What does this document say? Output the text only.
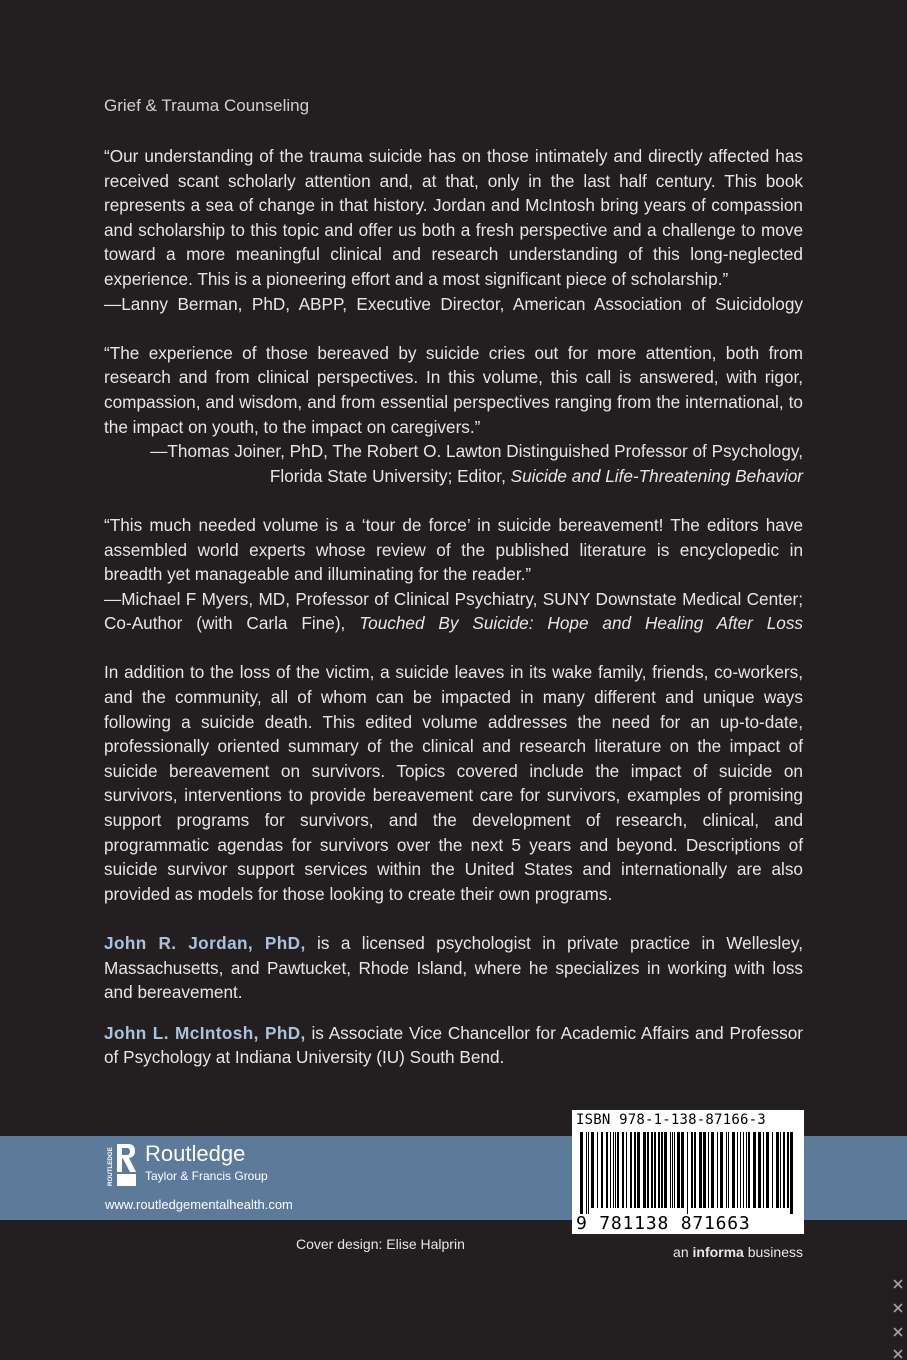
Grief & Trauma Counseling

“Our understanding of the trauma suicide has on those intimately and directly affected has received scant scholarly attention and, at that, only in the last half century. This book represents a sea of change in that history. Jordan and McIntosh bring years of compassion and scholarship to this topic and offer us both a fresh perspective and a challenge to move toward a more meaningful clinical and research understanding of this long-neglected experience. This is a pioneering effort and a most significant piece of scholarship.”

—Lanny Berman, PhD, ABPP, Executive Director, American Association of Suicidology

“The experience of those bereaved by suicide cries out for more attention, both from research and from clinical perspectives. In this volume, this call is answered, with rigor, compassion, and wisdom, and from essential perspectives ranging from the international, to the impact on youth, to the impact on caregivers.”

—Thomas Joiner, PhD, The Robert O. Lawton Distinguished Professor of Psychology,

Florida State University; Editor, Suicide and Life-Threatening Behavior

“This much needed volume is a ‘tour de force’ in suicide bereavement! The editors have assembled world experts whose review of the published literature is encyclopedic in breadth yet manageable and illuminating for the reader.”

—Michael F Myers, MD, Professor of Clinical Psychiatry, SUNY Downstate Medical Center; Co-Author (with Carla Fine), Touched By Suicide: Hope and Healing After Loss

In addition to the loss of the victim, a suicide leaves in its wake family, friends, co-workers, and the community, all of whom can be impacted in many different and unique ways following a suicide death. This edited volume addresses the need for an up-to-date, professionally oriented summary of the clinical and research literature on the impact of suicide bereavement on survivors. Topics covered include the impact of suicide on survivors, interventions to provide bereavement care for survivors, examples of promising support programs for survivors, and the development of research, clinical, and programmatic agendas for survivors over the next 5 years and beyond. Descriptions of suicide survivor support services within the United States and internationally are also provided as models for those looking to create their own programs.

John R. Jordan, PhD, is a licensed psychologist in private practice in Wellesley, Massachusetts, and Pawtucket, Rhode Island, where he specializes in working with loss and bereavement.

John L. McIntosh, PhD, is Associate Vice Chancellor for Academic Affairs and Professor of Psychology at Indiana University (IU) South Bend.

ROUTLEDGE Routledge
Taylor & Francis Group
www.routledgementalhealth.com
ISBN 978-1-138-87166-3
9 781138 871663
Cover design: Elise Halprin	an informa business
